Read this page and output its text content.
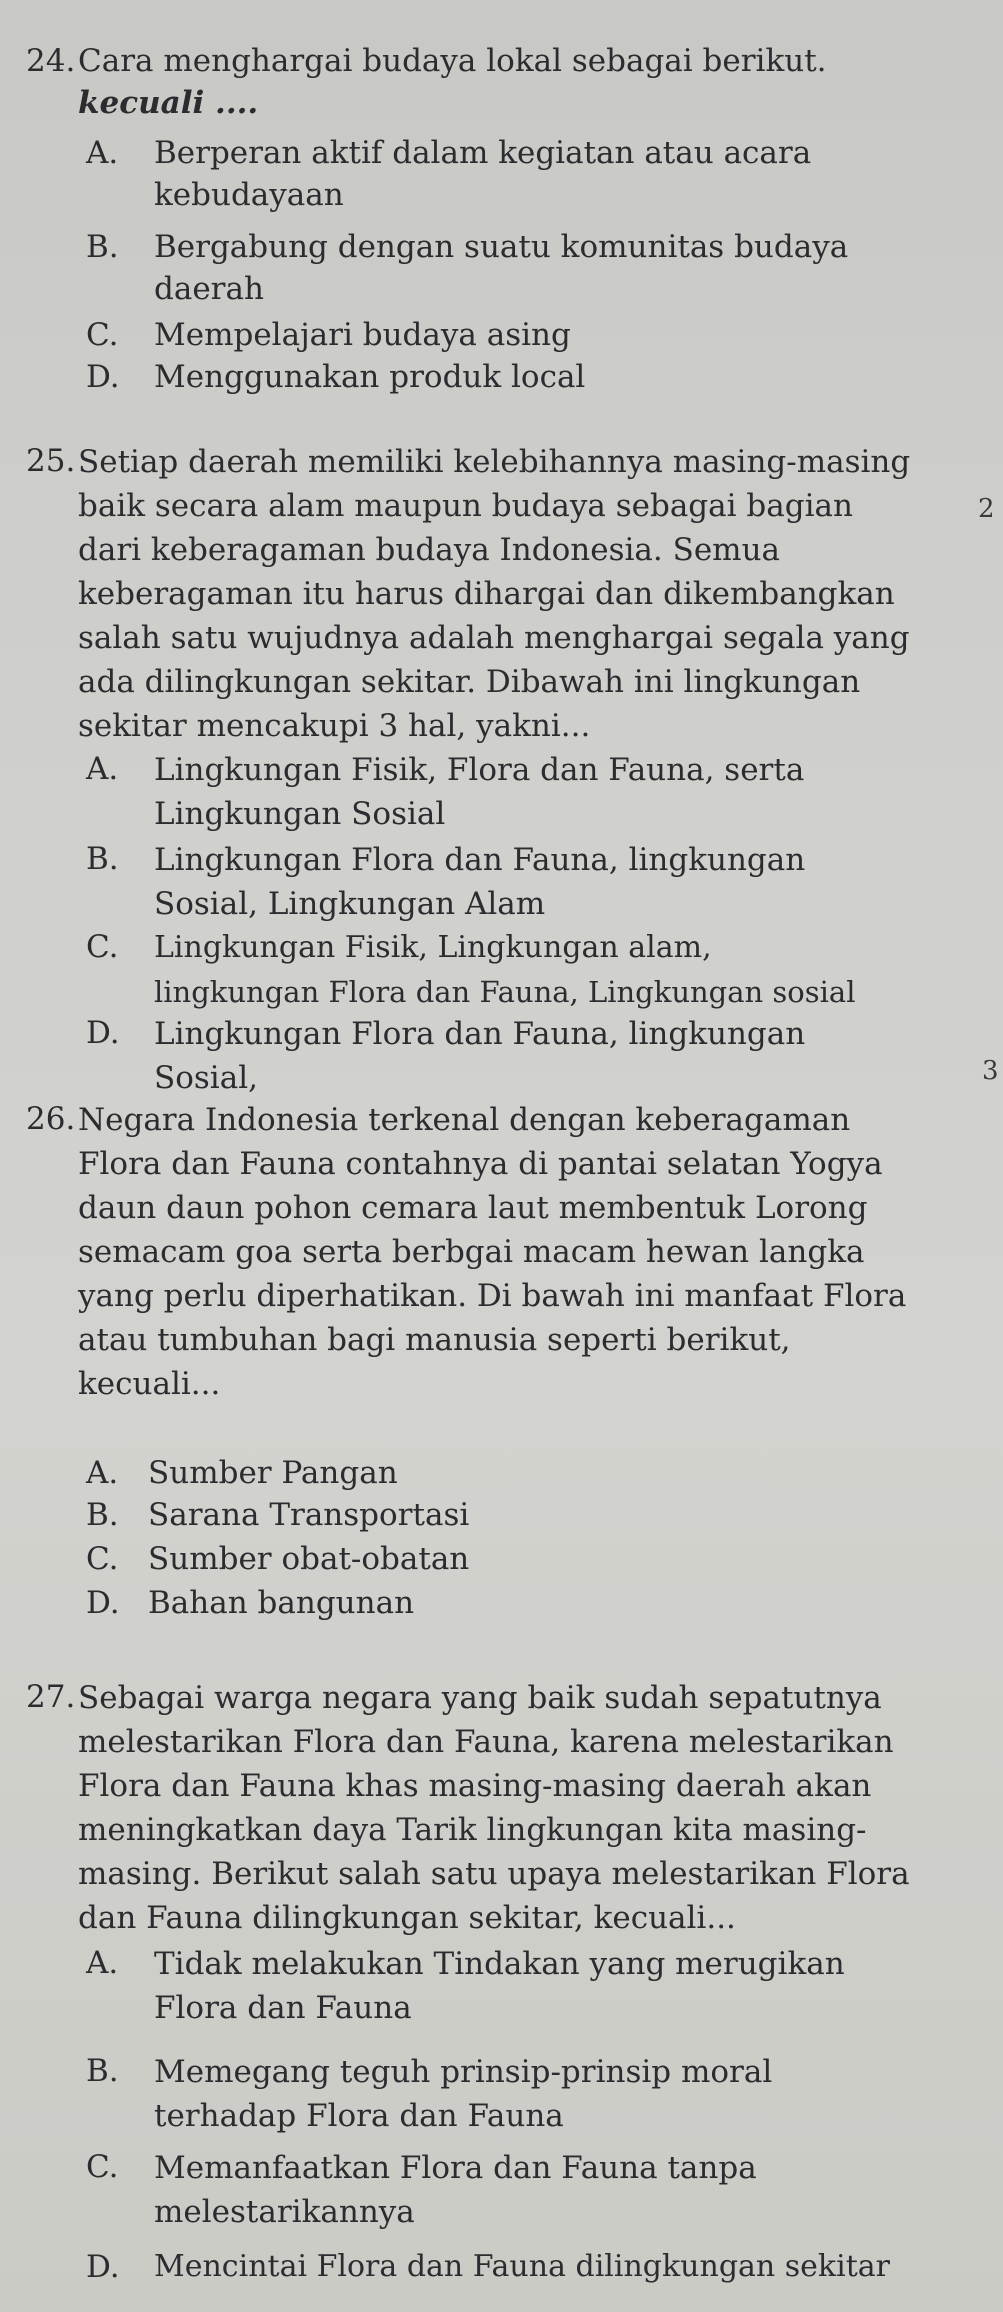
24. Cara menghargai budaya lokal sebagai berikut.
kecuali ....
A. Berperan aktif dalam kegiatan atau acara
kebudayaan
B. Bergabung dengan suatu komunitas budaya
daerah
C. Mempelajari budaya asing
D. Menggunakan produk local
25. Setiap daerah memiliki kelebihannya masing-masing
baik secara alam maupun budaya sebagai bagian
dari keberagaman budaya Indonesia. Semua
keberagaman itu harus dihargai dan dikembangkan
salah satu wujudnya adalah menghargai segala yang
ada dilingkungan sekitar. Dibawah ini lingkungan
sekitar mencakupi 3 hal, yakni...
A. Lingkungan Fisik, Flora dan Fauna, serta
Lingkungan Sosial
B. Lingkungan Flora dan Fauna, lingkungan
Sosial, Lingkungan Alam
C. Lingkungan Fisik, Lingkungan alam,
lingkungan Flora dan Fauna, Lingkungan sosial
D. Lingkungan Flora dan Fauna, lingkungan
Sosial,
26. Negara Indonesia terkenal dengan keberagaman
Flora dan Fauna contahnya di pantai selatan Yogya
daun daun pohon cemara laut membentuk Lorong
semacam goa serta berbgai macam hewan langka
yang perlu diperhatikan. Di bawah ini manfaat Flora
atau tumbuhan bagi manusia seperti berikut,
kecuali...
A. Sumber Pangan
B. Sarana Transportasi
C. Sumber obat-obatan
D. Bahan bangunan
27. Sebagai warga negara yang baik sudah sepatutnya
melestarikan Flora dan Fauna, karena melestarikan
Flora dan Fauna khas masing-masing daerah akan
meningkatkan daya Tarik lingkungan kita masing-
masing. Berikut salah satu upaya melestarikan Flora
dan Fauna dilingkungan sekitar, kecuali...
A. Tidak melakukan Tindakan yang merugikan
Flora dan Fauna
B. Memegang teguh prinsip-prinsip moral
terhadap Flora dan Fauna
C. Memanfaatkan Flora dan Fauna tanpa
melestarikannya
D. Mencintai Flora dan Fauna dilingkungan sekitar
2
3
